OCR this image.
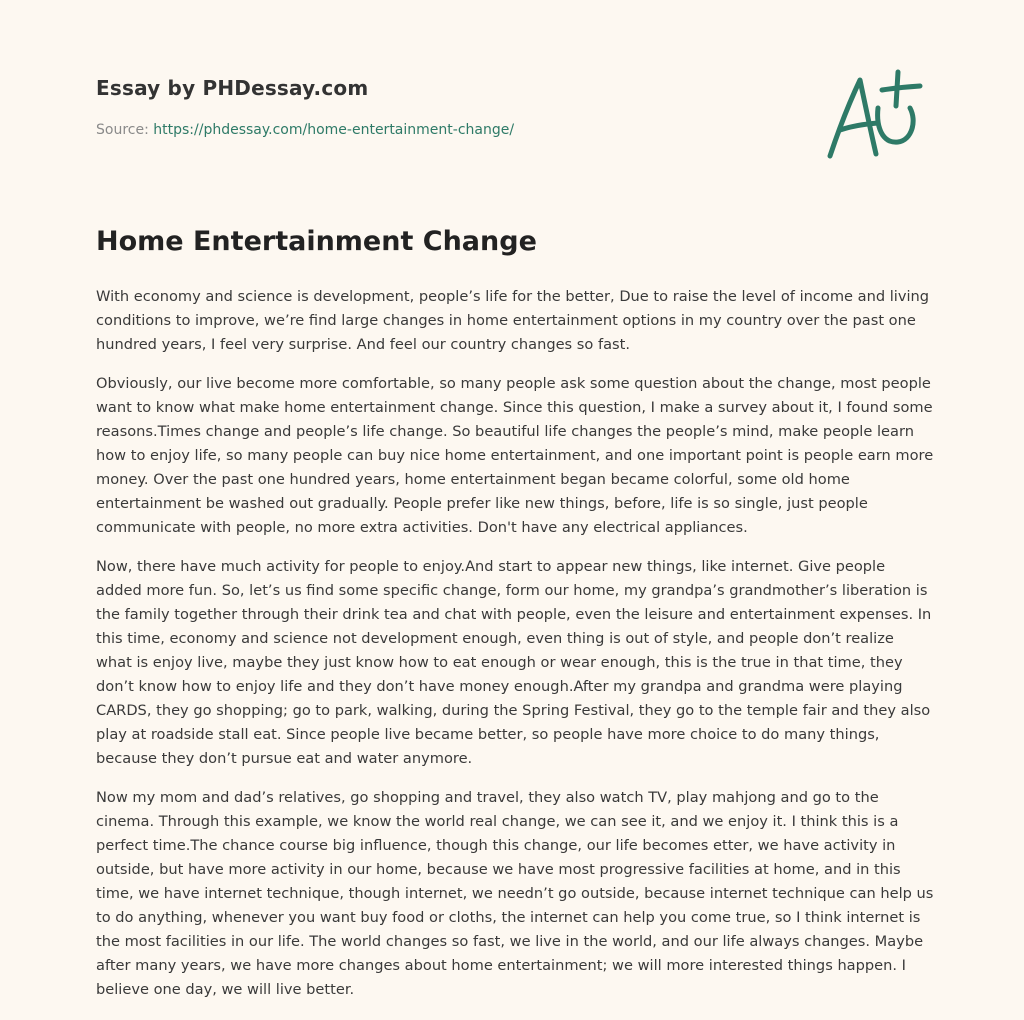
Essay by PHDessay.com
Source: https://phdessay.com/home-entertainment-change/
Home Entertainment Change

With economy and science is development, people’s life for the better, Due to raise the level of income and living conditions to improve, we’re find large changes in home entertainment options in my country over the past one hundred years, I feel very surprise. And feel our country changes so fast.

Obviously, our live become more comfortable, so many people ask some question about the change, most people want to know what make home entertainment change. Since this question, I make a survey about it, I found some reasons.Times change and people’s life change. So beautiful life changes the people’s mind, make people learn how to enjoy life, so many people can buy nice home entertainment, and one important point is people earn more money. Over the past one hundred years, home entertainment began became colorful, some old home entertainment be washed out gradually. People prefer like new things, before, life is so single, just people communicate with people, no more extra activities. Don't have any electrical appliances.

Now, there have much activity for people to enjoy.And start to appear new things, like internet. Give people added more fun. So, let’s us find some specific change, form our home, my grandpa’s grandmother’s liberation is the family together through their drink tea and chat with people, even the leisure and entertainment expenses. In this time, economy and science not development enough, even thing is out of style, and people don’t realize what is enjoy live, maybe they just know how to eat enough or wear enough, this is the true in that time, they don’t know how to enjoy life and they don’t have money enough.After my grandpa and grandma were playing CARDS, they go shopping; go to park, walking, during the Spring Festival, they go to the temple fair and they also play at roadside stall eat. Since people live became better, so people have more choice to do many things, because they don’t pursue eat and water anymore.

Now my mom and dad’s relatives, go shopping and travel, they also watch TV, play mahjong and go to the cinema. Through this example, we know the world real change, we can see it, and we enjoy it. I think this is a perfect time.The chance course big influence, though this change, our life becomes etter, we have activity in outside, but have more activity in our home, because we have most progressive facilities at home, and in this time, we have internet technique, though internet, we needn’t go outside, because internet technique can help us to do anything, whenever you want buy food or cloths, the internet can help you come true, so I think internet is the most facilities in our life. The world changes so fast, we live in the world, and our life always changes. Maybe after many years, we have more changes about home entertainment; we will more interested things happen. I believe one day, we will live better.
